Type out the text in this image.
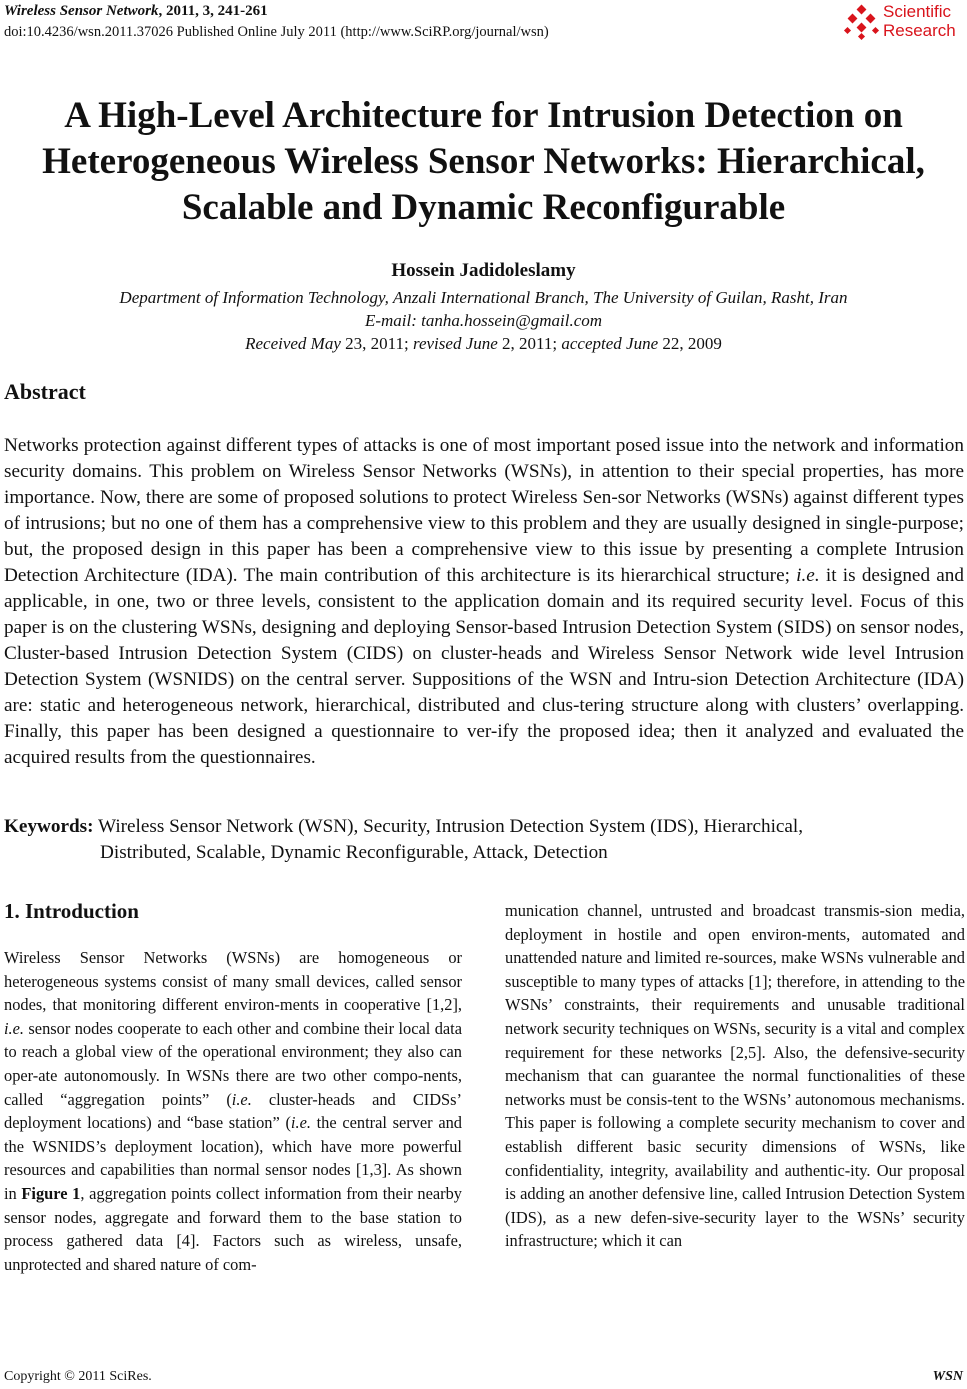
Wireless Sensor Network, 2011, 3, 241-261
doi:10.4236/wsn.2011.37026 Published Online July 2011 (http://www.SciRP.org/journal/wsn)
Scientific
Research
A High-Level Architecture for Intrusion Detection on
Heterogeneous Wireless Sensor Networks: Hierarchical,
Scalable and Dynamic Reconfigurable
Hossein Jadidoleslamy
Department of Information Technology, Anzali International Branch, The University of Guilan, Rasht, Iran
E-mail: tanha.hossein@gmail.com
Received May 23, 2011; revised June 2, 2011; accepted June 22, 2009
Abstract
Networks protection against different types of attacks is one of most important posed issue into the network and information security domains. This problem on Wireless Sensor Networks (WSNs), in attention to their special properties, has more importance. Now, there are some of proposed solutions to protect Wireless Sen-sor Networks (WSNs) against different types of intrusions; but no one of them has a comprehensive view to this problem and they are usually designed in single-purpose; but, the proposed design in this paper has been a comprehensive view to this issue by presenting a complete Intrusion Detection Architecture (IDA). The main contribution of this architecture is its hierarchical structure; i.e. it is designed and applicable, in one, two or three levels, consistent to the application domain and its required security level. Focus of this paper is on the clustering WSNs, designing and deploying Sensor-based Intrusion Detection System (SIDS) on sensor nodes, Cluster-based Intrusion Detection System (CIDS) on cluster-heads and Wireless Sensor Network wide level Intrusion Detection System (WSNIDS) on the central server. Suppositions of the WSN and Intru-sion Detection Architecture (IDA) are: static and heterogeneous network, hierarchical, distributed and clus-tering structure along with clusters’ overlapping. Finally, this paper has been designed a questionnaire to ver-ify the proposed idea; then it analyzed and evaluated the acquired results from the questionnaires.
Keywords: Wireless Sensor Network (WSN), Security, Intrusion Detection System (IDS), Hierarchical,
Distributed, Scalable, Dynamic Reconfigurable, Attack, Detection
1. Introduction
Wireless Sensor Networks (WSNs) are homogeneous or heterogeneous systems consist of many small devices, called sensor nodes, that monitoring different environ-ments in cooperative [1,2], i.e. sensor nodes cooperate to each other and combine their local data to reach a global view of the operational environment; they also can oper-ate autonomously. In WSNs there are two other compo-nents, called “aggregation points” (i.e. cluster-heads and CIDSs’ deployment locations) and “base station” (i.e. the central server and the WSNIDS’s deployment location), which have more powerful resources and capabilities than normal sensor nodes [1,3]. As shown in Figure 1, aggregation points collect information from their nearby sensor nodes, aggregate and forward them to the base station to process gathered data [4]. Factors such as wireless, unsafe, unprotected and shared nature of com-
munication channel, untrusted and broadcast transmis-sion media, deployment in hostile and open environ-ments, automated and unattended nature and limited re-sources, make WSNs vulnerable and susceptible to many types of attacks [1]; therefore, in attending to the WSNs’ constraints, their requirements and unusable traditional network security techniques on WSNs, security is a vital and complex requirement for these networks [2,5]. Also, the defensive-security mechanism that can guarantee the normal functionalities of these networks must be consis-tent to the WSNs’ autonomous mechanisms. This paper is following a complete security mechanism to cover and establish different basic security dimensions of WSNs, like confidentiality, integrity, availability and authentic-ity. Our proposal is adding an another defensive line, called Intrusion Detection System (IDS), as a new defen-sive-security layer to the WSNs’ security infrastructure; which it can
Copyright © 2011 SciRes.	WSN
